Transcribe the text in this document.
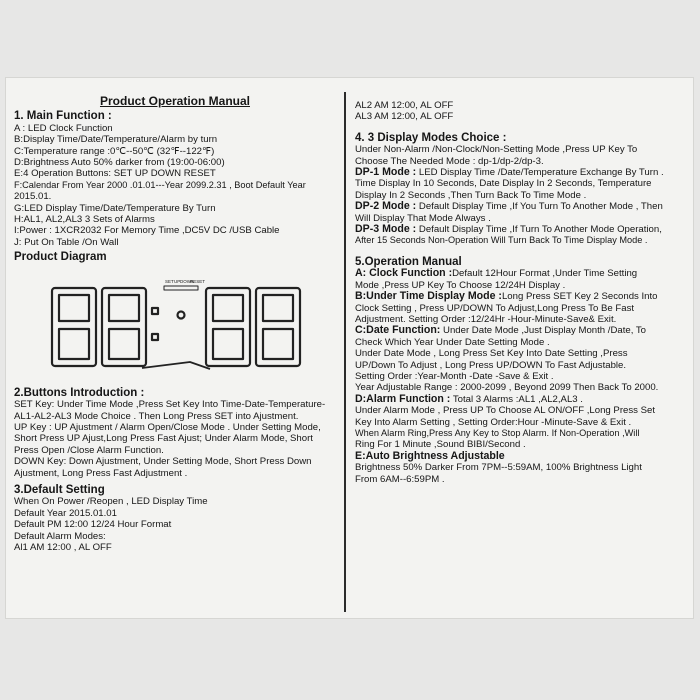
Product Operation Manual
1. Main Function :
A : LED Clock Function
B:Display Time/Date/Temperature/Alarm by turn
C:Temperature range :0℃--50℃ (32℉--122℉)
D:Brightness Auto 50% darker from (19:00-06:00)
E:4 Operation Buttons: SET UP DOWN RESET
F:Calendar From Year 2000 .01.01---Year 2099.2.31 , Boot Default Year
2015.01.
G:LED Display Time/Date/Temperature By Turn
H:AL1, AL2,AL3 3 Sets of Alarms
I:Power : 1XCR2032 For Memory Time ,DC5V DC /USB Cable
J: Put On Table /On Wall
Product Diagram
SET UP DOWN
RESET
2.Buttons Introduction :
SET Key: Under Time Mode ,Press Set Key Into Time-Date-Temperature-
AL1-AL2-AL3 Mode Choice . Then Long Press SET into Ajustment.
UP Key : UP Ajustment / Alarm Open/Close Mode . Under Setting Mode,
Short Press UP Ajust,Long Press Fast Ajust; Under Alarm Mode, Short
Press Open /Close Alarm Function.
DOWN Key: Down Ajustment, Under Setting Mode, Short Press Down
Ajustment, Long Press Fast Adjustment .
3.Default Setting
When On Power /Reopen , LED Display Time
Default Year 2015.01.01
Default PM 12:00 12/24 Hour Format
Default Alarm Modes:
Al1 AM 12:00 , AL OFF
AL2 AM 12:00, AL OFF
AL3 AM 12:00, AL OFF
4. 3 Display Modes Choice :
Under Non-Alarm /Non-Clock/Non-Setting Mode ,Press UP Key To
Choose The Needed Mode : dp-1/dp-2/dp-3.
DP-1 Mode : LED Display Time /Date/Temperature Exchange By Turn .
Time Display In 10 Seconds, Date Display In 2 Seconds, Temperature
Display In 2 Seconds ,Then Turn Back To Time Mode .
DP-2 Mode : Default Display Time ,If You Turn To Another Mode , Then
Will Display That Mode Always .
DP-3 Mode : Default Display Time ,If Turn To Another Mode Operation,
After 15 Seconds Non-Operation Will Turn Back To Time Display Mode .
5.Operation Manual
A: Clock Function :Default 12Hour Format ,Under Time Setting
Mode ,Press UP Key To Choose 12/24H Display .
B:Under Time Display Mode :Long Press SET Key 2 Seconds Into
Clock Setting , Press UP/DOWN To Adjust,Long Press To Be Fast
Adjustment. Setting Order :12/24Hr -Hour-Minute-Save& Exit.
C:Date Function: Under Date Mode ,Just Display Month /Date, To
Check Which Year Under Date Setting Mode .
Under Date Mode , Long Press Set Key Into Date Setting ,Press
UP/Down To Adjust , Long Press UP/DOWN To Fast Adjustable.
Setting Order :Year-Month -Date -Save & Exit .
Year Adjustable Range : 2000-2099 , Beyond 2099 Then Back To 2000.
D:Alarm Function : Total 3 Alarms :AL1 ,AL2,AL3 .
Under Alarm Mode , Press UP To Choose AL ON/OFF ,Long Press Set
Key Into Alarm Setting , Setting Order:Hour -Minute-Save & Exit .
When Alarm Ring,Press Any Key to Stop Alarm. If Non-Operation ,Will
Ring For 1 Minute ,Sound BIBI/Second .
E:Auto Brightness Adjustable
Brightness 50% Darker From 7PM--5:59AM, 100% Brightness Light
From 6AM--6:59PM .
